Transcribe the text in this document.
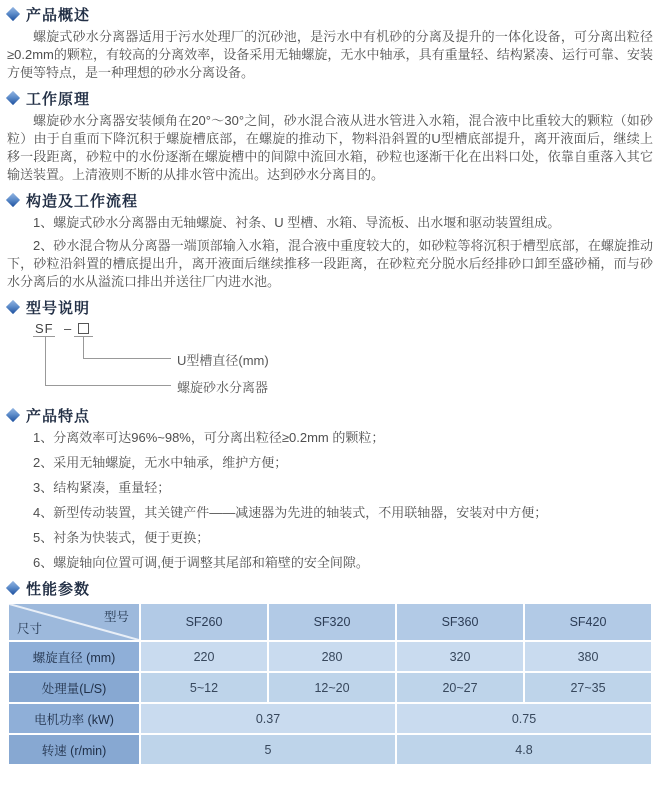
产品概述

螺旋式砂水分离器适用于污水处理厂的沉砂池，是污水中有机砂的分离及提升的一体化设备，可分离出粒径≥0.2mm的颗粒，有较高的分离效率，设备采用无轴螺旋，无水中轴承，具有重量轻、结构紧凑、运行可靠、安装方便等特点，是一种理想的砂水分离设备。

工作原理

螺旋砂水分离器安装倾角在20°～30°之间，砂水混合液从进水管进入水箱，混合液中比重较大的颗粒（如砂粒）由于自重而下降沉积于螺旋槽底部，在螺旋的推动下，物料沿斜置的U型槽底部提升，离开液面后，继续上移一段距离，砂粒中的水份逐渐在螺旋槽中的间隙中流回水箱，砂粒也逐渐干化在出料口处，依靠自重落入其它输送装置。上清液则不断的从排水管中流出。达到砂水分离目的。

构造及工作流程

1、螺旋式砂水分离器由无轴螺旋、衬条、U 型槽、水箱、导流板、出水堰和驱动装置组成。

2、砂水混合物从分离器一端顶部输入水箱，混合液中重度较大的，如砂粒等将沉积于槽型底部，在螺旋推动下，砂粒沿斜置的槽底提出升，离开液面后继续推移一段距离，在砂粒充分脱水后经排砂口卸至盛砂桶，而与砂水分离后的水从溢流口排出并送往厂内进水池。

型号说明
SF –
U型槽直径(mm)
螺旋砂水分离器
产品特点

1、分离效率可达96%~98%，可分离出粒径≥0.2mm 的颗粒；

2、采用无轴螺旋，无水中轴承，维护方便；

3、结构紧凑，重量轻；

4、新型传动装置，其关键产件——减速器为先进的轴装式，不用联轴器，安装对中方便；

5、衬条为快装式，便于更换；

6、螺旋轴向位置可调,便于调整其尾部和箱壁的安全间隙。

性能参数
型号
尺寸	SF260	SF320	SF360	SF420
螺旋直径 (mm)	220	280	320	380
处理量(L/S)	5~12	12~20	20~27	27~35
电机功率 (kW)	0.37		0.75	
转速 (r/min)	5		4.8	
